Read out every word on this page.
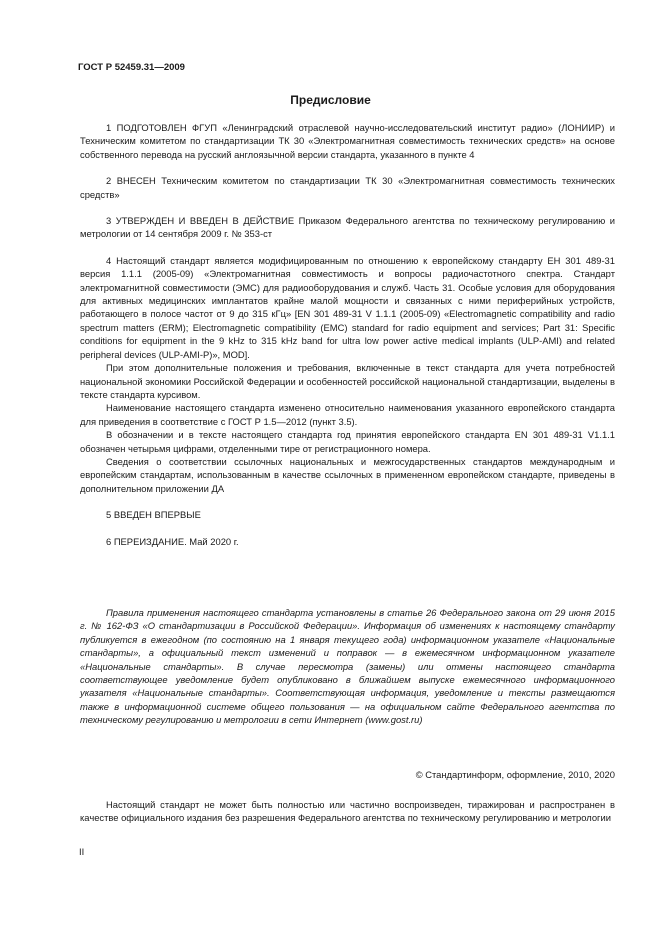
ГОСТ Р 52459.31—2009
Предисловие

1 ПОДГОТОВЛЕН ФГУП «Ленинградский отраслевой научно-исследовательский институт радио» (ЛОНИИР) и Техническим комитетом по стандартизации ТК 30 «Электромагнитная совместимость технических средств» на основе собственного перевода на русский англоязычной версии стандарта, указанного в пункте 4

2 ВНЕСЕН Техническим комитетом по стандартизации ТК 30 «Электромагнитная совместимость технических средств»

3 УТВЕРЖДЕН И ВВЕДЕН В ДЕЙСТВИЕ Приказом Федерального агентства по техническому регулированию и метрологии от 14 сентября 2009 г. № 353-ст

4 Настоящий стандарт является модифицированным по отношению к европейскому стандарту ЕН 301 489-31 версия 1.1.1 (2005-09) «Электромагнитная совместимость и вопросы радиочастотного спектра. Стандарт электромагнитной совместимости (ЭМС) для радиооборудования и служб. Часть 31. Особые условия для оборудования для активных медицинских имплантатов крайне малой мощности и связанных с ними периферийных устройств, работающего в полосе частот от 9 до 315 кГц» [EN 301 489-31 V 1.1.1 (2005-09) «Electromagnetic compatibility and radio spectrum matters (ERM); Electromagnetic compatibility (EMC) standard for radio equipment and services; Part 31: Specific conditions for equipment in the 9 kHz to 315 kHz band for ultra low power active medical implants (ULP-AMI) and related peripheral devices (ULP-AMI-P)», MOD].

При этом дополнительные положения и требования, включенные в текст стандарта для учета потребностей национальной экономики Российской Федерации и особенностей российской национальной стандартизации, выделены в тексте стандарта курсивом.

Наименование настоящего стандарта изменено относительно наименования указанного европейского стандарта для приведения в соответствие с ГОСТ Р 1.5—2012 (пункт 3.5).

В обозначении и в тексте настоящего стандарта год принятия европейского стандарта EN 301 489-31 V1.1.1 обозначен четырьмя цифрами, отделенными тире от регистрационного номера.

Сведения о соответствии ссылочных национальных и межгосударственных стандартов международным и европейским стандартам, использованным в качестве ссылочных в примененном европейском стандарте, приведены в дополнительном приложении ДА

5 ВВЕДЕН ВПЕРВЫЕ

6 ПЕРЕИЗДАНИЕ. Май 2020 г.

Правила применения настоящего стандарта установлены в статье 26 Федерального закона от 29 июня 2015 г. № 162-ФЗ «О стандартизации в Российской Федерации». Информация об изменениях к настоящему стандарту публикуется в ежегодном (по состоянию на 1 января текущего года) информационном указателе «Национальные стандарты», а официальный текст изменений и поправок — в ежемесячном информационном указателе «Национальные стандарты». В случае пересмотра (замены) или отмены настоящего стандарта соответствующее уведомление будет опубликовано в ближайшем выпуске ежемесячного информационного указателя «Национальные стандарты». Соответствующая информация, уведомление и тексты размещаются также в информационной системе общего пользования — на официальном сайте Федерального агентства по техническому регулированию и метрологии в сети Интернет (www.gost.ru)
© Стандартинформ, оформление, 2010, 2020
Настоящий стандарт не может быть полностью или частично воспроизведен, тиражирован и распространен в качестве официального издания без разрешения Федерального агентства по техническому регулированию и метрологии
II
